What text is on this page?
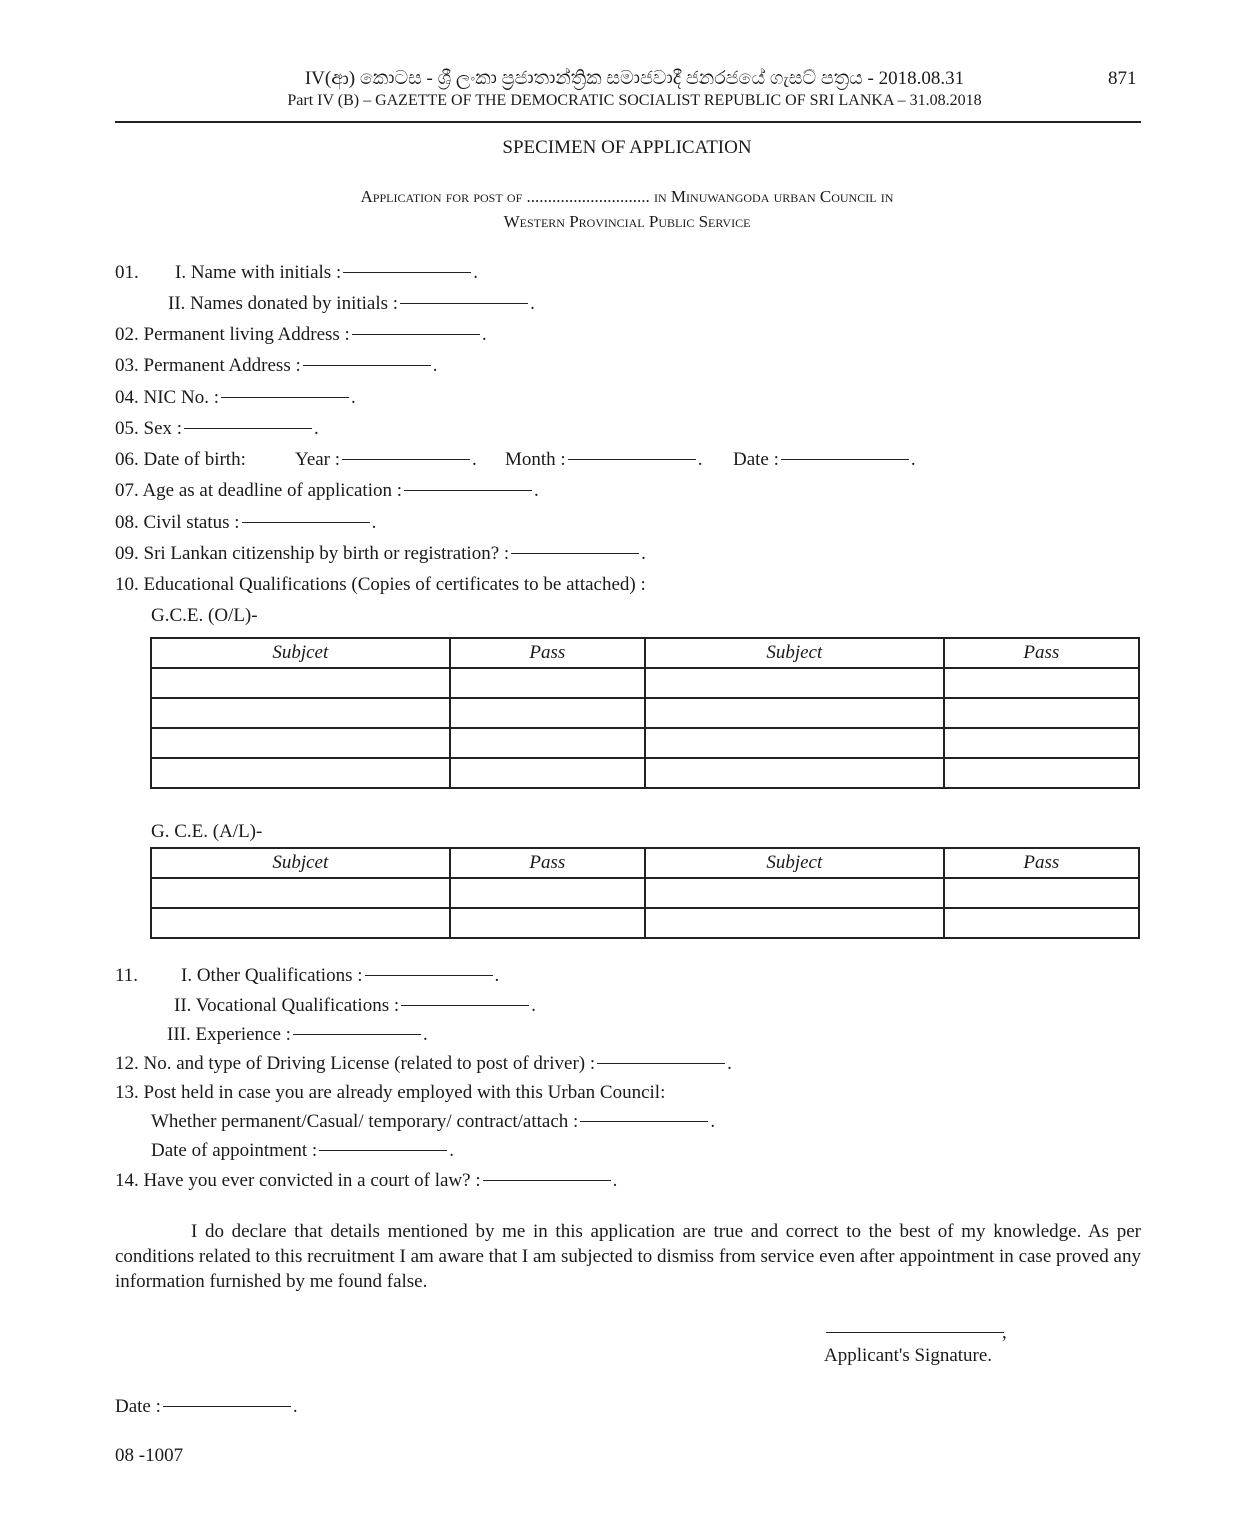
IV(ආ) කොටස - ශ්‍රී ලංකා ප්‍රජාතාන්ත්‍රික සමාජවාදී ජනරජයේ ගැසට් පත්‍රය - 2018.08.31
Part IV (B) – GAZETTE OF THE DEMOCRATIC SOCIALIST REPUBLIC OF SRI LANKA – 31.08.2018
871
SPECIMEN OF APPLICATION
Application for post of ............................. in Minuwangoda urban Council in
Western Provincial Public Service
01. I. Name with initials :	.
II. Names donated by initials :	.
02. Permanent living Address :	.
03. Permanent Address :	.
04. NIC No. :	.
05. Sex :	.
06. Date of birth:	Year :	. Month :	. Date :	.
07. Age as at deadline of application :	.
08. Civil status :	.
09. Sri Lankan citizenship by birth or registration? :	.
10. Educational Qualifications (Copies of certificates to be attached) :
G.C.E. (O/L)-
Subjcet	Pass	Subject	Pass

G. C.E. (A/L)-
Subjcet	Pass	Subject	Pass

11. I. Other Qualifications :	.
II. Vocational Qualifications :	.
III. Experience :	.
12. No. and type of Driving License (related to post of driver) :	.
13. Post held in case you are already employed with this Urban Council:
Whether permanent/Casual/ temporary/ contract/attach :	.
Date of appointment :	.
14. Have you ever convicted in a court of law? :	.
I do declare that details mentioned by me in this application are true and correct to the best of my knowledge. As per conditions related to this recruitment I am aware that I am subjected to dismiss from service even after appointment in case proved any information furnished by me found false.
,
Applicant's Signature.
Date :	.
08 -1007
